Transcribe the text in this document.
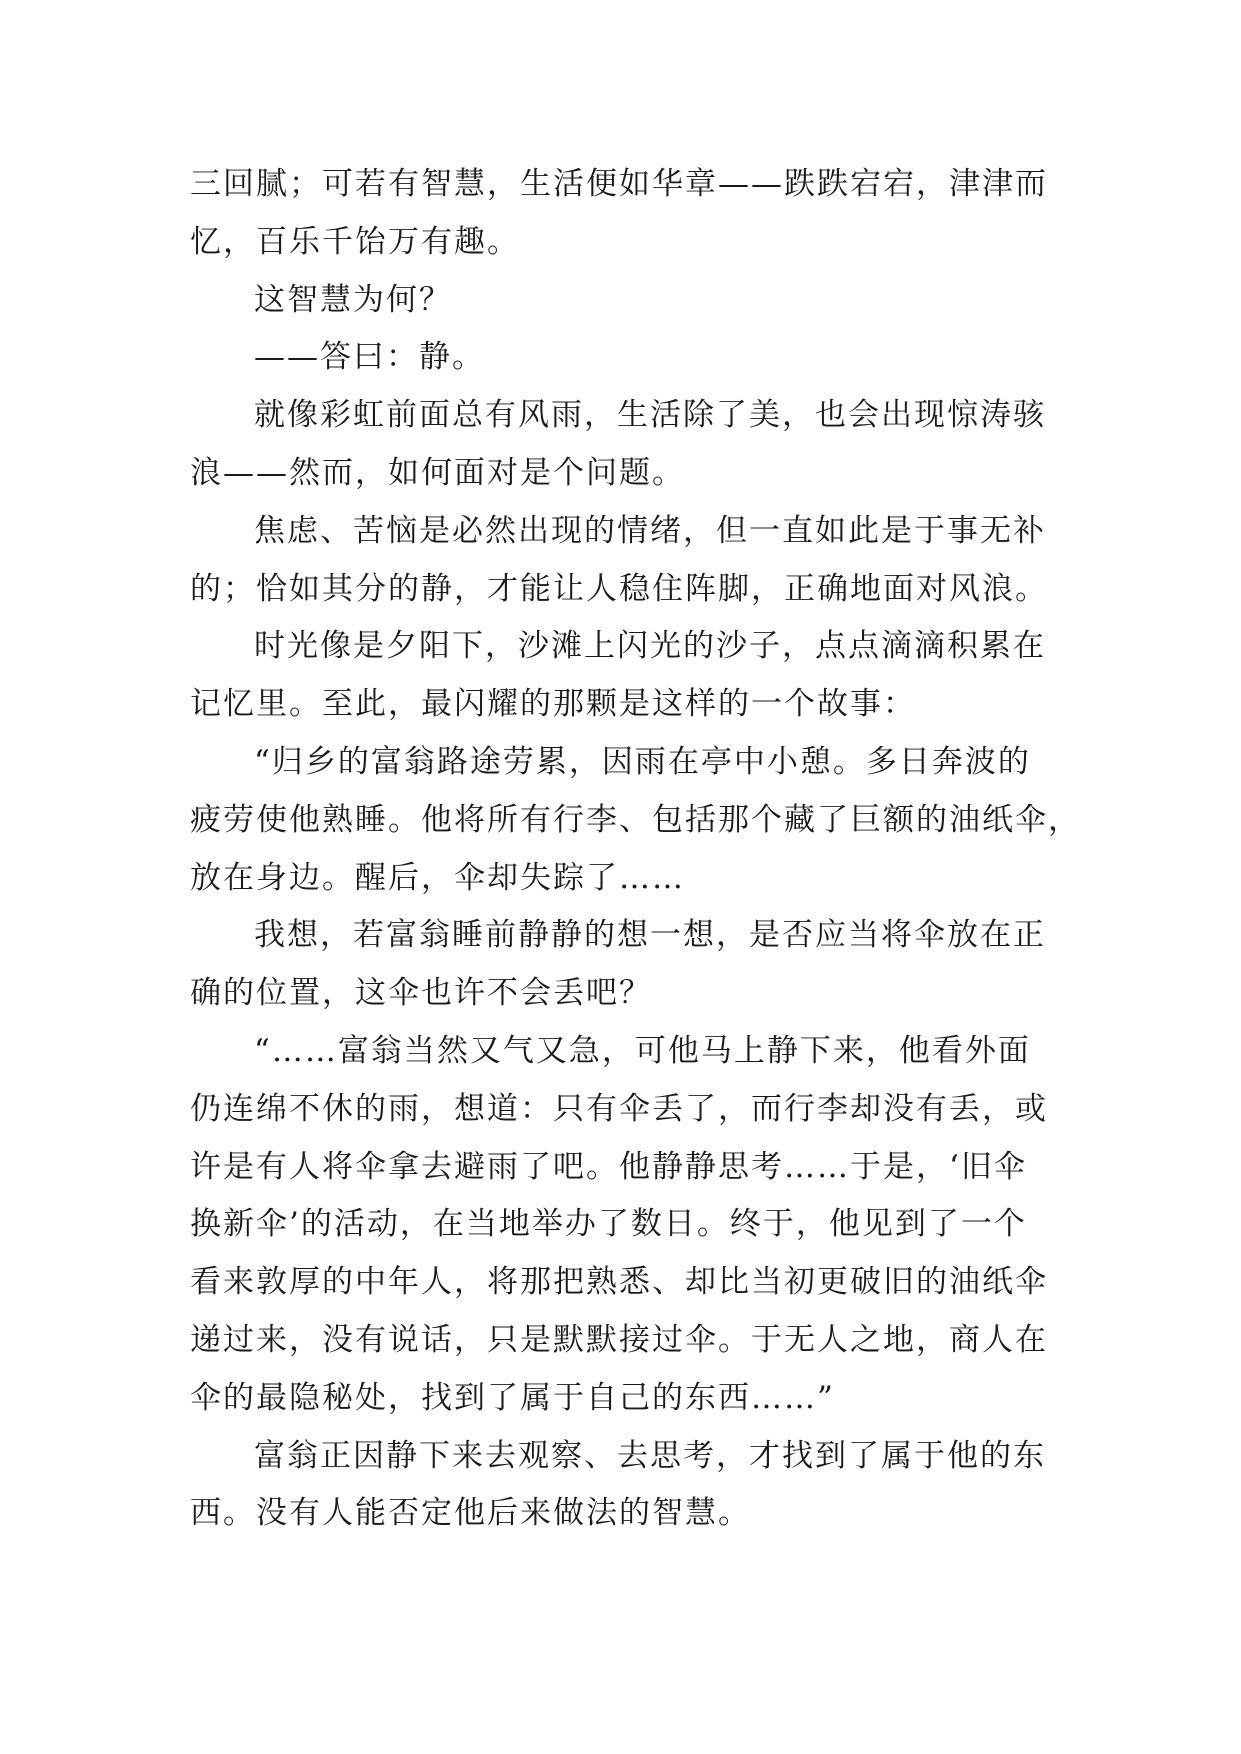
三回腻；可若有智慧，生活便如华章——跌跌宕宕，津津而
忆，百乐千饴万有趣。
这智慧为何？
——答曰：静。
就像彩虹前面总有风雨，生活除了美，也会出现惊涛骇
浪——然而，如何面对是个问题。
焦虑、苦恼是必然出现的情绪，但一直如此是于事无补
的；恰如其分的静，才能让人稳住阵脚，正确地面对风浪。
时光像是夕阳下，沙滩上闪光的沙子，点点滴滴积累在
记忆里。至此，最闪耀的那颗是这样的一个故事：
“归乡的富翁路途劳累，因雨在亭中小憩。多日奔波的
疲劳使他熟睡。他将所有行李、包括那个藏了巨额的油纸伞，
放在身边。醒后，伞却失踪了……
我想，若富翁睡前静静的想一想，是否应当将伞放在正
确的位置，这伞也许不会丢吧？
“……富翁当然又气又急，可他马上静下来，他看外面
仍连绵不休的雨，想道：只有伞丢了，而行李却没有丢，或
许是有人将伞拿去避雨了吧。他静静思考……于是，‘旧伞
换新伞’的活动，在当地举办了数日。终于，他见到了一个
看来敦厚的中年人，将那把熟悉、却比当初更破旧的油纸伞
递过来，没有说话，只是默默接过伞。于无人之地，商人在
伞的最隐秘处，找到了属于自己的东西……”
富翁正因静下来去观察、去思考，才找到了属于他的东
西。没有人能否定他后来做法的智慧。
